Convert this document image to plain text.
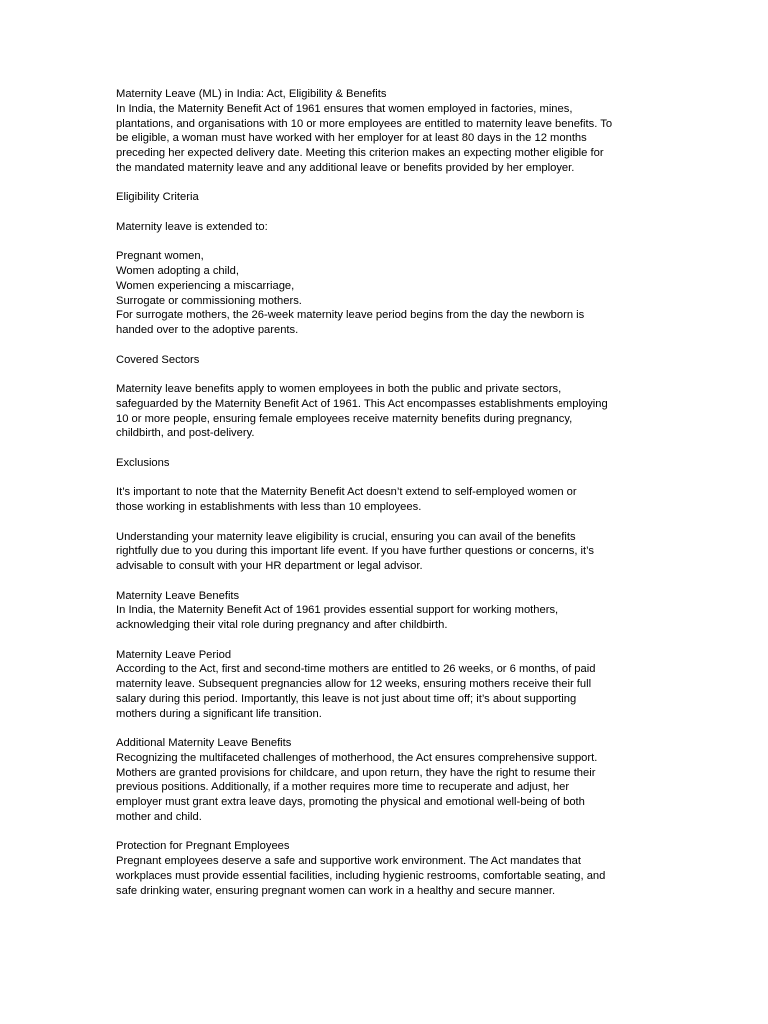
Maternity Leave (ML) in India: Act, Eligibility & Benefits
In India, the Maternity Benefit Act of 1961 ensures that women employed in factories, mines,
plantations, and organisations with 10 or more employees are entitled to maternity leave benefits. To
be eligible, a woman must have worked with her employer for at least 80 days in the 12 months
preceding her expected delivery date. Meeting this criterion makes an expecting mother eligible for
the mandated maternity leave and any additional leave or benefits provided by her employer.
Eligibility Criteria
Maternity leave is extended to:
Pregnant women,
Women adopting a child,
Women experiencing a miscarriage,
Surrogate or commissioning mothers.
For surrogate mothers, the 26-week maternity leave period begins from the day the newborn is
handed over to the adoptive parents.
Covered Sectors
Maternity leave benefits apply to women employees in both the public and private sectors,
safeguarded by the Maternity Benefit Act of 1961. This Act encompasses establishments employing
10 or more people, ensuring female employees receive maternity benefits during pregnancy,
childbirth, and post-delivery.
Exclusions
It’s important to note that the Maternity Benefit Act doesn’t extend to self-employed women or
those working in establishments with less than 10 employees.
Understanding your maternity leave eligibility is crucial, ensuring you can avail of the benefits
rightfully due to you during this important life event. If you have further questions or concerns, it’s
advisable to consult with your HR department or legal advisor.
Maternity Leave Benefits
In India, the Maternity Benefit Act of 1961 provides essential support for working mothers,
acknowledging their vital role during pregnancy and after childbirth.
Maternity Leave Period
According to the Act, first and second-time mothers are entitled to 26 weeks, or 6 months, of paid
maternity leave. Subsequent pregnancies allow for 12 weeks, ensuring mothers receive their full
salary during this period. Importantly, this leave is not just about time off; it’s about supporting
mothers during a significant life transition.
Additional Maternity Leave Benefits
Recognizing the multifaceted challenges of motherhood, the Act ensures comprehensive support.
Mothers are granted provisions for childcare, and upon return, they have the right to resume their
previous positions. Additionally, if a mother requires more time to recuperate and adjust, her
employer must grant extra leave days, promoting the physical and emotional well-being of both
mother and child.
Protection for Pregnant Employees
Pregnant employees deserve a safe and supportive work environment. The Act mandates that
workplaces must provide essential facilities, including hygienic restrooms, comfortable seating, and
safe drinking water, ensuring pregnant women can work in a healthy and secure manner.
